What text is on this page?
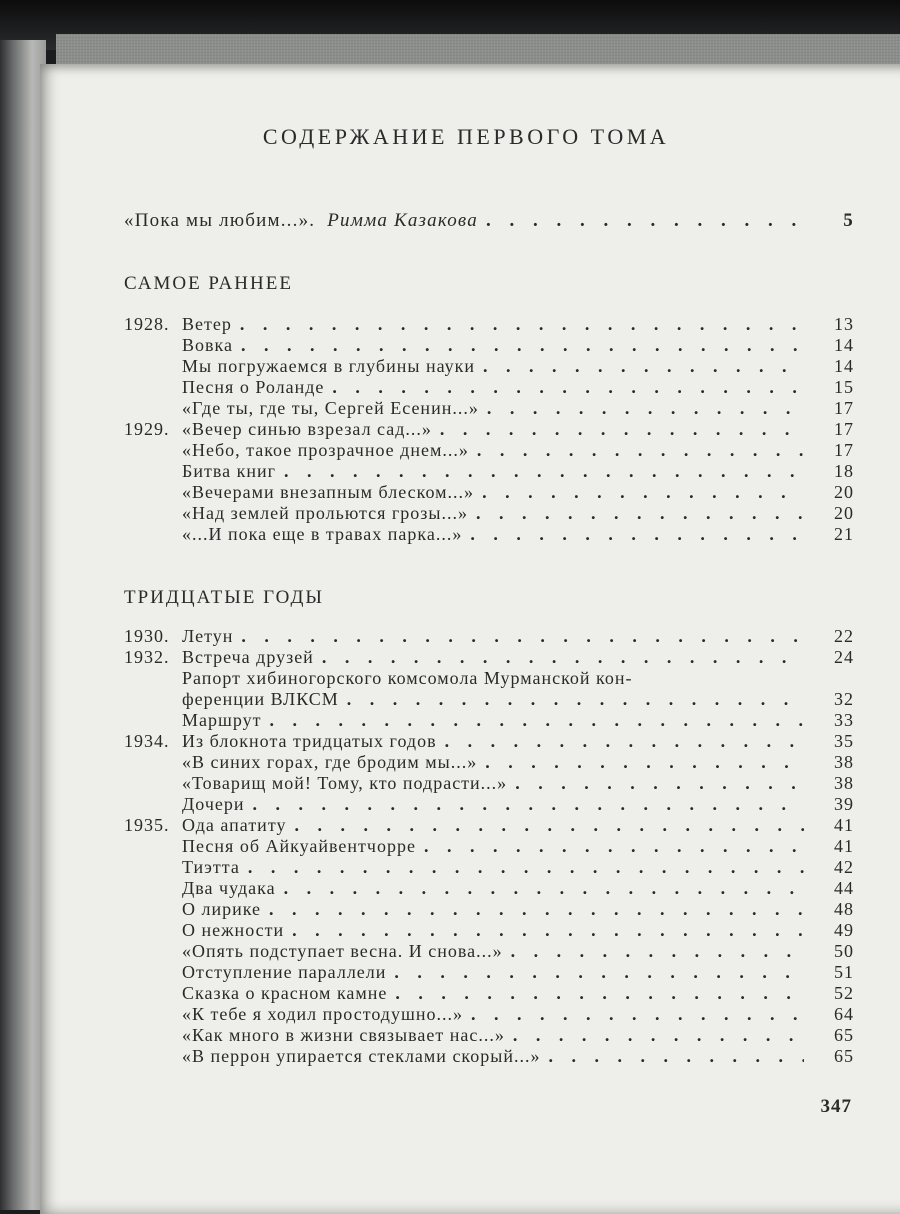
СОДЕРЖАНИЕ ПЕРВОГО ТОМА
«Пока мы любим...». Римма Казакова . . .	5
САМОЕ РАННЕЕ
1928. Ветер . . .	13
Вовка . . .	14
Мы погружаемся в глубины науки . . .	14
Песня о Роланде . . .	15
«Где ты, где ты, Сергей Есенин...» . . .	17
1929. «Вечер синью взрезал сад...» . . .	17
«Небо, такое прозрачное днем...» . . .	17
Битва книг . . .	18
«Вечерами внезапным блеском...» . . .	20
«Над землей прольются грозы...» . . .	20
«...И пока еще в травах парка...» . . .	21
ТРИДЦАТЫЕ ГОДЫ
1930. Летун . . .	22
1932. Встреча друзей . . .	24
Рапорт хибиногорского комсомола Мурманской кон-
ференции ВЛКСМ . . .	32
Маршрут . . .	33
1934. Из блокнота тридцатых годов . . .	35
«В синих горах, где бродим мы...» . . .	38
«Товарищ мой! Тому, кто подрасти...» . . .	38
Дочери . . .	39
1935. Ода апатиту . . .	41
Песня об Айкуайвентчорре . . .	41
Тиэтта . . .	42
Два чудака . . .	44
О лирике . . .	48
О нежности . . .	49
«Опять подступает весна. И снова...» . . .	50
Отступление параллели . . .	51
Сказка о красном камне . . .	52
«К тебе я ходил простодушно...» . . .	64
«Как много в жизни связывает нас...» . . .	65
«В перрон упирается стеклами скорый...» . . .	65
347
